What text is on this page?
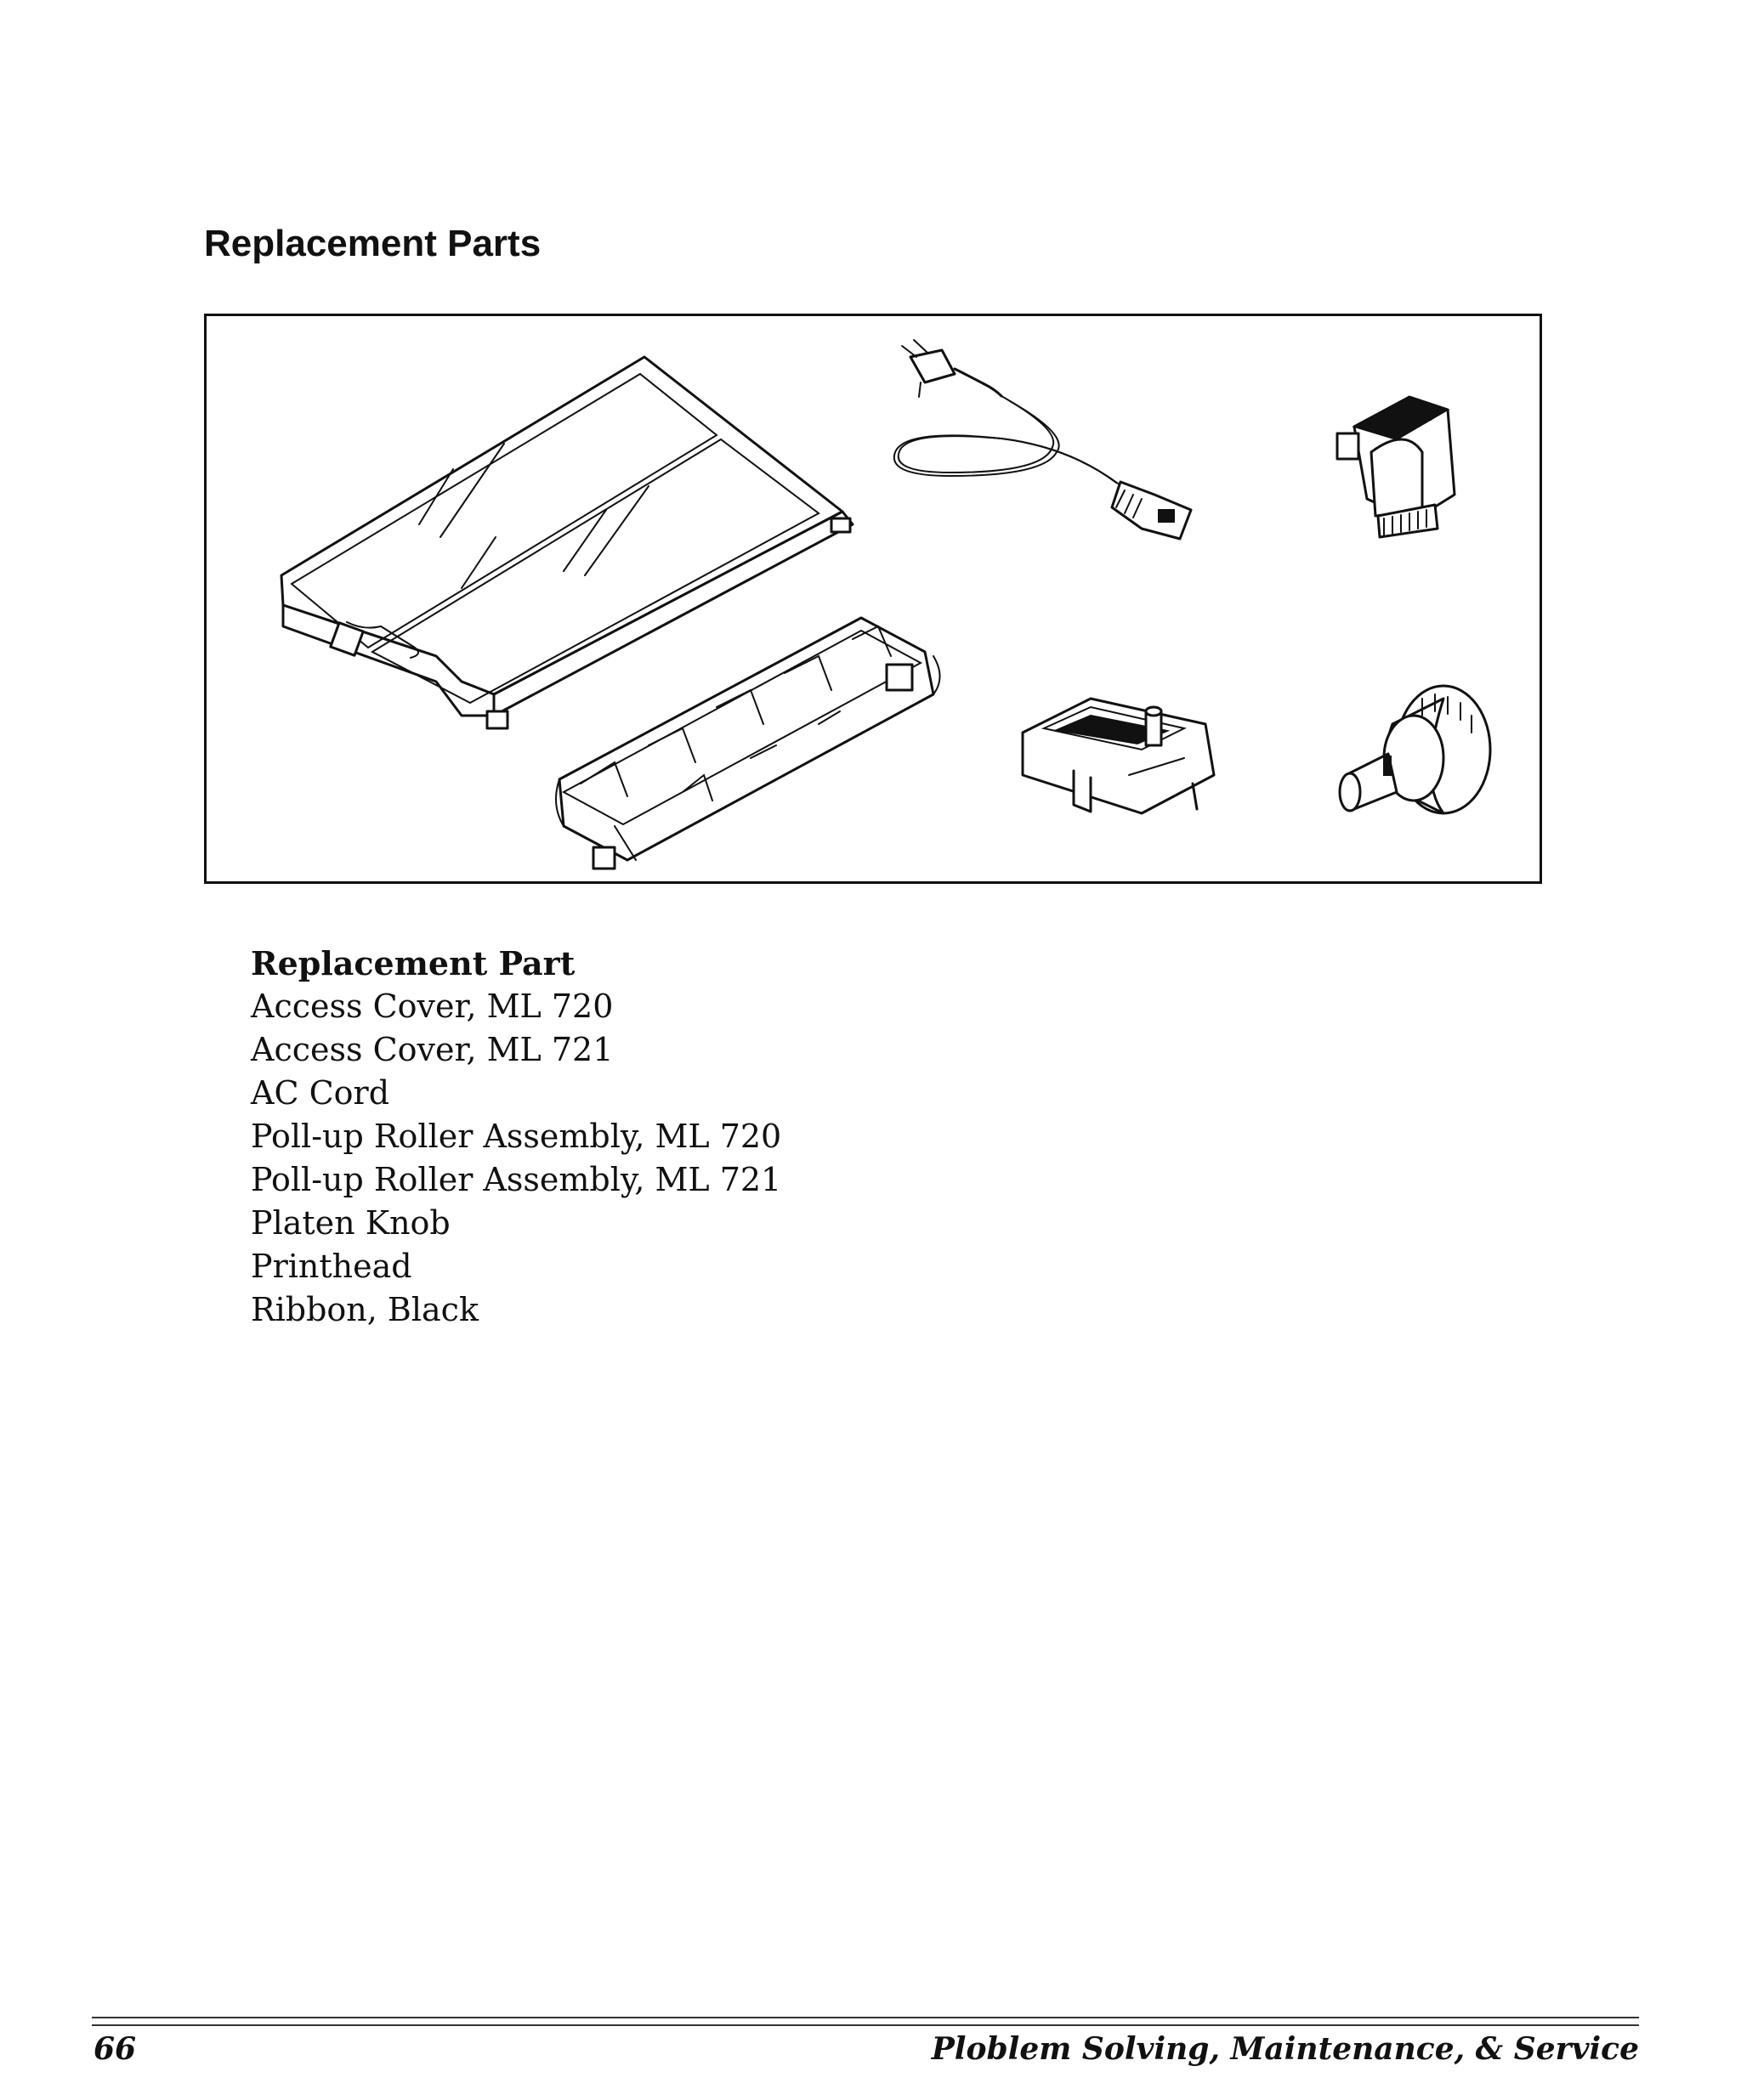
Replacement Parts
Replacement Part
Access Cover, ML 720
Access Cover, ML 721
AC Cord
Poll-up Roller Assembly, ML 720
Poll-up Roller Assembly, ML 721
Platen Knob
Printhead
Ribbon, Black
66	Ploblem Solving, Maintenance, & Service
